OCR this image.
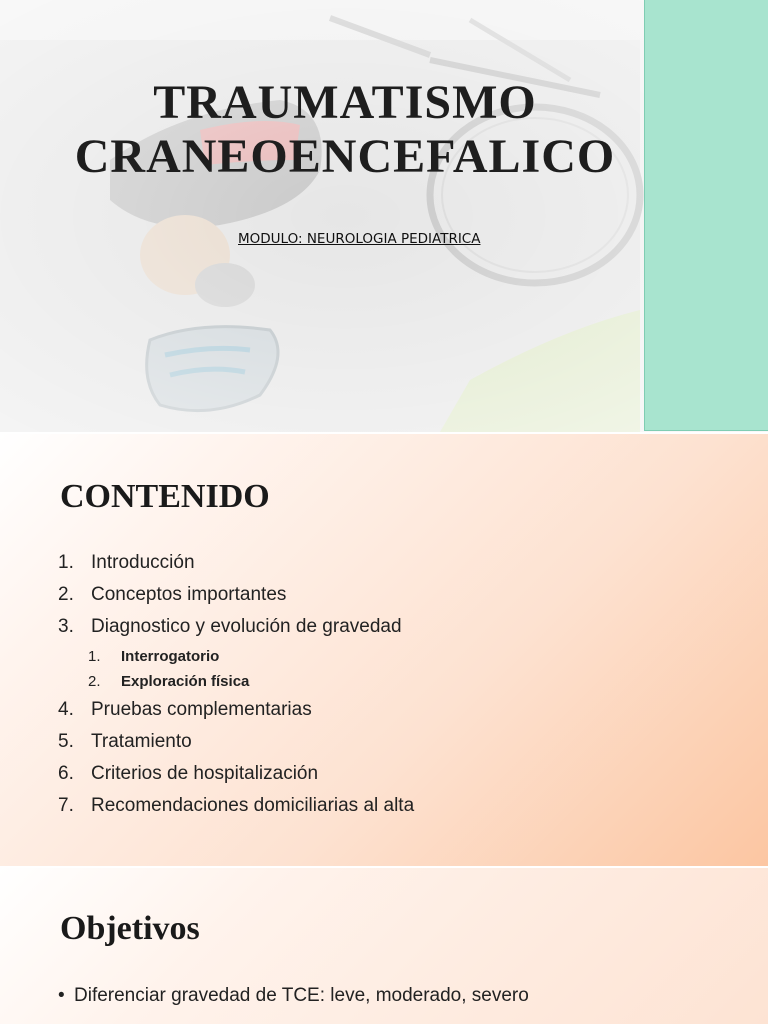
TRAUMATISMO
CRANEOENCEFALICO

MODULO: NEUROLOGIA PEDIATRICA

CONTENIDO
1. Introducción
2. Conceptos importantes
3. Diagnostico y evolución de gravedad
1. Interrogatorio
2. Exploración física
4. Pruebas complementarias
5. Tratamiento
6. Criterios de hospitalización
7. Recomendaciones domiciliarias al alta
Objetivos
• Diferenciar gravedad de TCE: leve, moderado, severo
